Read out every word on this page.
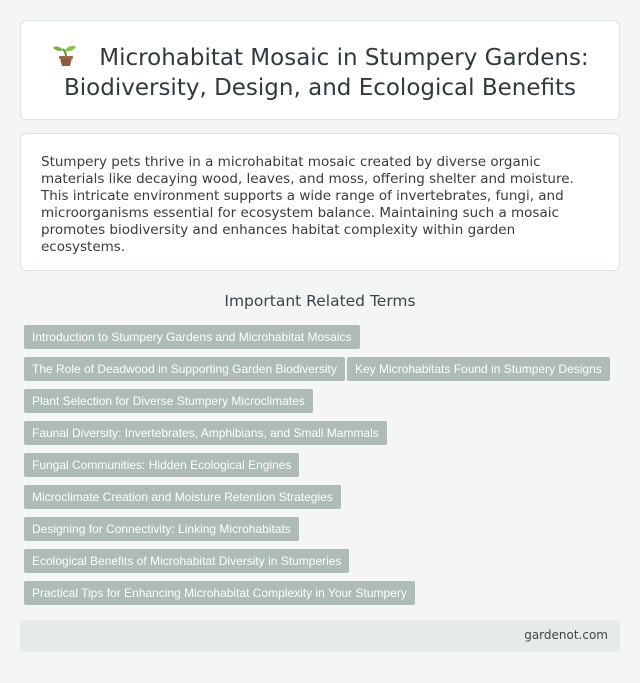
Microhabitat Mosaic in Stumpery Gardens:
Biodiversity, Design, and Ecological Benefits

Stumpery pets thrive in a microhabitat mosaic created by diverse organic materials like decaying wood, leaves, and moss, offering shelter and moisture. This intricate environment supports a wide range of invertebrates, fungi, and microorganisms essential for ecosystem balance. Maintaining such a mosaic promotes biodiversity and enhances habitat complexity within garden ecosystems.

Important Related Terms
Introduction to Stumpery Gardens and Microhabitat Mosaics
The Role of Deadwood in Supporting Garden Biodiversity	Key Microhabitats Found in Stumpery Designs
Plant Selection for Diverse Stumpery Microclimates
Faunal Diversity: Invertebrates, Amphibians, and Small Mammals
Fungal Communities: Hidden Ecological Engines
Microclimate Creation and Moisture Retention Strategies
Designing for Connectivity: Linking Microhabitats
Ecological Benefits of Microhabitat Diversity in Stumperies
Practical Tips for Enhancing Microhabitat Complexity in Your Stumpery
gardenot.com
